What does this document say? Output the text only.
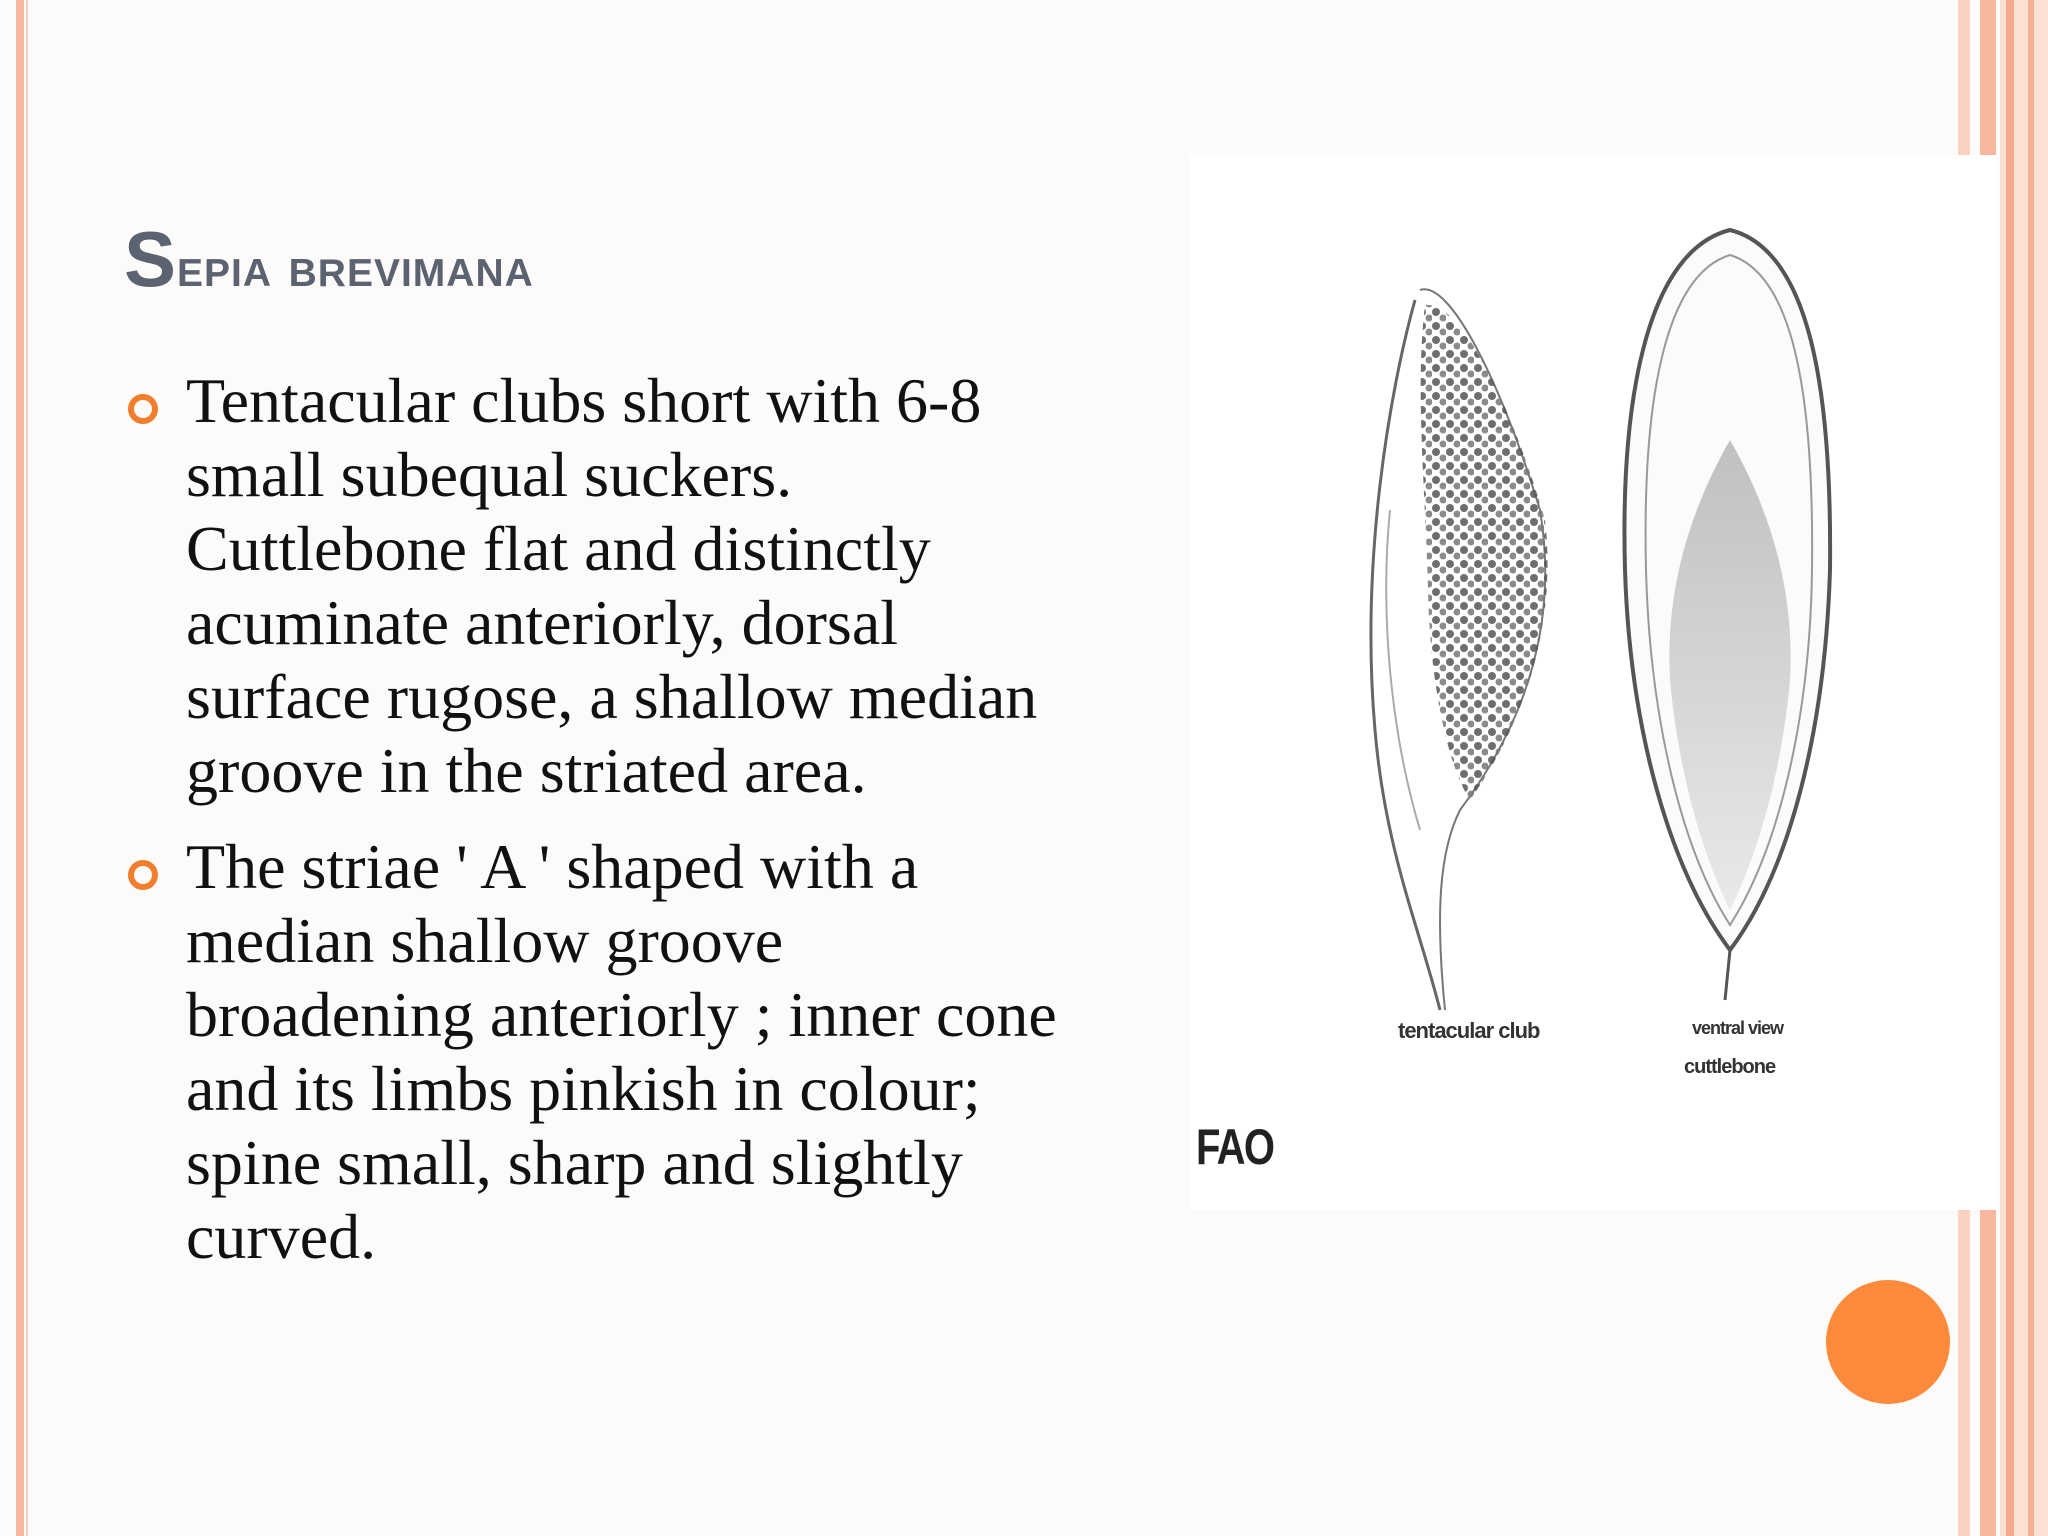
Sepia brevimana
Tentacular clubs short with 6-8
small subequal suckers.
Cuttlebone flat and distinctly
acuminate anteriorly, dorsal
surface rugose, a shallow median
groove in the striated area.
The striae ' A ' shaped with a
median shallow groove
broadening anteriorly ; inner cone
and its limbs pinkish in colour;
spine small, sharp and slightly
curved.
tentacular club	ventral view
cuttlebone
FAO
